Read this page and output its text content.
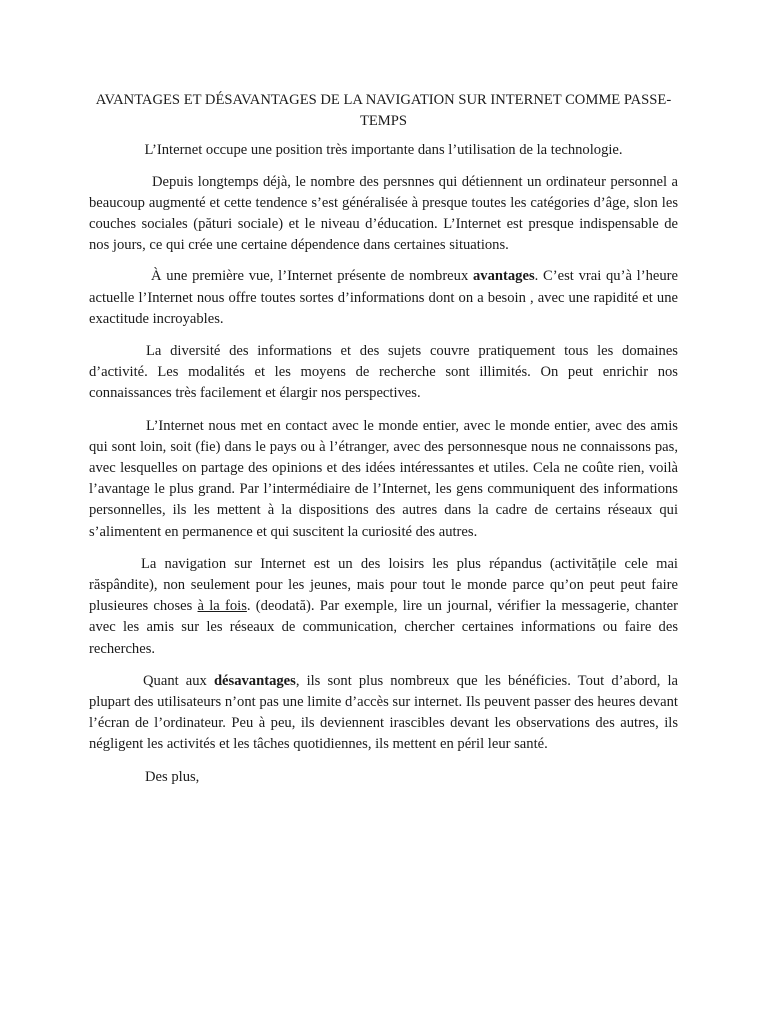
AVANTAGES ET DÉSAVANTAGES DE LA NAVIGATION SUR INTERNET COMME PASSE-TEMPS

L’Internet occupe une position très importante dans l’utilisation de la technologie.

Depuis longtemps déjà, le nombre des persnnes qui détiennent un ordinateur personnel a beaucoup augmenté et cette tendence s’est généralisée à presque toutes les catégories d’âge, slon les couches sociales (pături sociale) et le niveau d’éducation. L’Internet est presque indispensable de nos jours, ce qui crée une certaine dépendence dans certaines situations.

À une première vue, l’Internet présente de nombreux avantages. C’est vrai qu’à l’heure actuelle l’Internet nous offre toutes sortes d’informations dont on a besoin , avec une rapidité et une exactitude incroyables.

La diversité des informations et des sujets couvre pratiquement tous les domaines d’activité. Les modalités et les moyens de recherche sont illimités. On peut enrichir nos connaissances très facilement et élargir nos perspectives.

L’Internet nous met en contact avec le monde entier, avec le monde entier, avec des amis qui sont loin, soit (fie) dans le pays ou à l’étranger, avec des personnesque nous ne connaissons pas, avec lesquelles on partage des opinions et des idées intéressantes et utiles. Cela ne coûte rien, voilà l’avantage le plus grand. Par l’intermédiaire de l’Internet, les gens communiquent des informations personnelles, ils les mettent à la dispositions des autres dans la cadre de certains réseaux qui s’alimentent en permanence et qui suscitent la curiosité des autres.

La navigation sur Internet est un des loisirs les plus répandus (activitățile cele mai răspândite), non seulement pour les jeunes, mais pour tout le monde parce qu’on peut peut faire plusieures choses à la fois. (deodată). Par exemple, lire un journal, vérifier la messagerie, chanter avec les amis sur les réseaux de communication, chercher certaines informations ou faire des recherches.

Quant aux désavantages, ils sont plus nombreux que les bénéficies. Tout d’abord, la plupart des utilisateurs n’ont pas une limite d’accès sur internet. Ils peuvent passer des heures devant l’écran de l’ordinateur. Peu à peu, ils deviennent irascibles devant les observations des autres, ils négligent les activités et les tâches quotidiennes, ils mettent en péril leur santé.

Des plus,
